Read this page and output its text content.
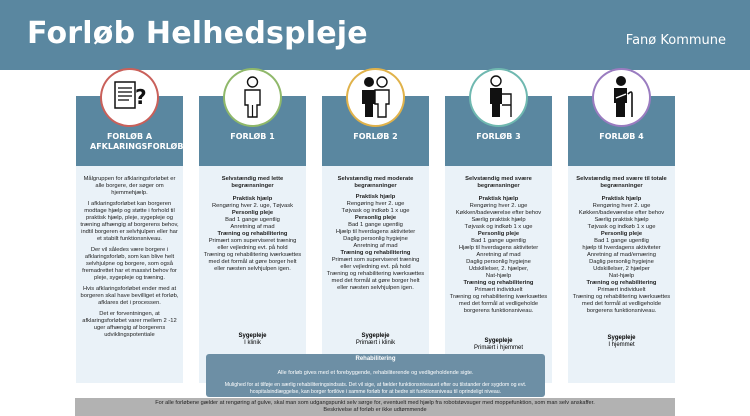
Forløb Helhedspleje	Fanø Kommune
FORLØB A AFKLARINGSFORLØB
?

Målgruppen for afklaringsforløbet er alle borgere, der søger om hjemmehjælp.

I afklaringsforløbet kan borgeren modtage hjælp og støtte i forhold til praktisk hjælp, pleje, sygepleje og træning afhængig af borgerens behov, indtil borgeren er selvhjulpen eller har et stabilt funktionsniveau.

Der vil således være borgere i afklaringsforløb, som kan blive helt selvhjulpne og borgere, som også fremadrettet har et massivt behov for pleje, sygepleje og træning.

Hvis afklaringsforløbet ender med at borgeren skal have bevilliget et forløb, afklares det i processen.

Det er forventningen, at afklaringsforløbet varer mellem 2 -12 uger afhængig af borgerens udviklingspotentiale

FORLØB 1

Selvstændig med lette begrænsninger

Praktisk hjælp
Rengøring hver 2. uge, Tøjvask
Personlig pleje
Bad 1 gange ugentlig
Anretning af mad
Træning og rehabilitering
Primært som superviseret træning eller vejledning evt. på hold
Træning og rehabilitering iværksættes med det formål at gøre borger helt eller næsten selvhjulpen igen.
Sygepleje
I klinik
FORLØB 2

Selvstændig med moderate begrænsninger

Praktisk hjælp
Rengøring hver 2. uge
Tøjvask og indkøb 1 x uge
Personlig pleje
Bad 1 gange ugentlig
Hjælp til hverdagens aktiviteter
Daglig personlig hygiejne
Anretning af mad
Træning og rehabilitering
Primært som superviseret træning eller vejledning evt. på hold
Træning og rehabilitering iværksættes med det formål at gøre borger helt eller næsten selvhjulpen igen.
Sygepleje
Primært i klinik
FORLØB 3

Selvstændig med svære begrænsninger

Praktisk hjælp
Rengøring hver 2. uge
Køkken/badeværelse efter behov
Særlig praktisk hjælp
Tøjvask og indkøb 1 x uge
Personlig pleje
Bad 1 gange ugentlig
Hjælp til hverdagens aktiviteter
Anretning af mad
Daglig personlig hygiejne
Udskillelser, 2. hjælper,
Nat-hjælp
Træning og rehabilitering
Primært individuelt
Træning og rehabilitering iværksættes med det formål at vedligeholde borgerens funktionsniveau.
Sygepleje
Primært i hjemmet
FORLØB 4

Selvstændig med svære til totale begrænsninger

Praktisk hjælp
Rengøring hver 2. uge
Køkken/badeværelse efter behov
Særlig praktisk hjælp
Tøjvask og indkøb 1 x uge
Personlig pleje
Bad 1 gange ugentlig
hjælp til hverdagens aktiviteter
Anretning af mad/ernæring
Daglig personlig hygiejne
Udskillelser, 2 hjælper
Nat-hjælp
Træning og rehabilitering
Primært individuelt
Træning og rehabilitering iværksættes med det formål at vedligeholde borgerens funktionsniveau.
Sygepleje
I hjemmet
Rehabilitering
Alle forløb gives med et forebyggende, rehabiliterende og vedligeholdende sigte.
Mulighed for at tilføje en særlig rehabiliteringsindsats. Det vil sige, at fælder funktionsniveauet efter ou tilstander der sygdom og evt. hospitalsindlæggelse, kan borger fortlöve i samme forløb for at bedre sit funktionsniveau til oprindeligt niveau.
For alle forløbene gælder at rengøring af gulve, skal man som udgangspunkt selv sørge for, eventuelt med hjælp fra robotstøvsuger med moppefunktion, som man selv anskaffer.
Beskrivelse af forløb er ikke udtømmende
